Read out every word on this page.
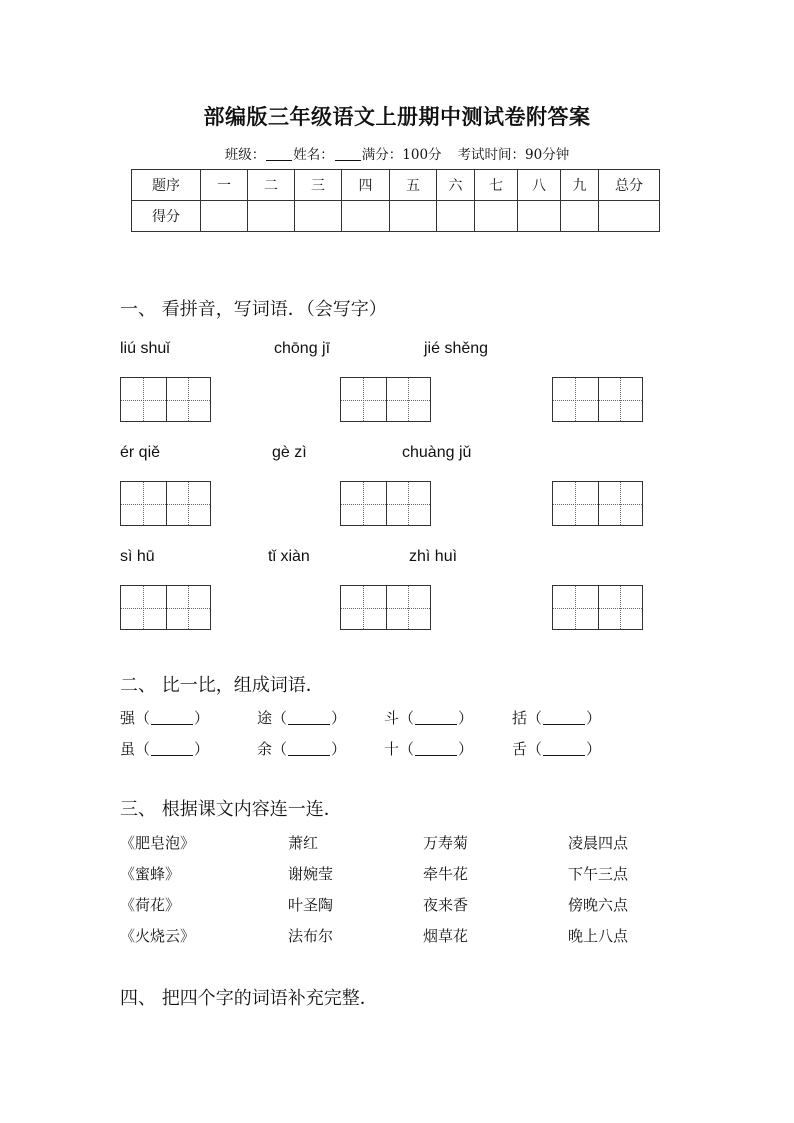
部编版三年级语文上册期中测试卷附答案
班级： 姓名： 满分：100分 考试时间：90分钟
题序	一	二	三	四	五	六	七	八	九	总分
得分										
一、 看拼音，写词语．（会写字）
liú shuǐ	chōng jī	jié shěng
ér qiě	gè zì	chuàng jǔ
sì hū	tǐ xiàn	zhì huì
二、 比一比，组成词语．
强（	）	途（	）	斗（	）	括（	）
虽（	）	余（	）	十（	）	舌（	）
三、 根据课文内容连一连．
《肥皂泡》	萧红	万寿菊	凌晨四点
《蜜蜂》	谢婉莹	牵牛花	下午三点
《荷花》	叶圣陶	夜来香	傍晚六点
《火烧云》	法布尔	烟草花	晚上八点
四、 把四个字的词语补充完整．
